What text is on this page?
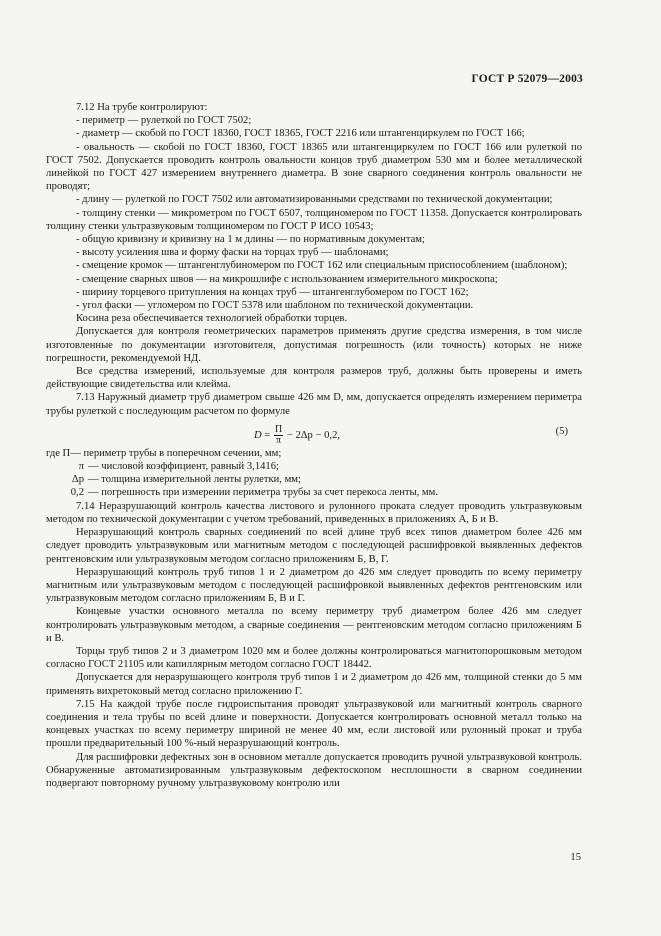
ГОСТ Р 52079—2003

7.12 На трубе контролируют:

- периметр — рулеткой по ГОСТ 7502;

- диаметр — скобой по ГОСТ 18360, ГОСТ 18365, ГОСТ 2216 или штангенциркулем по ГОСТ 166;

- овальность — скобой по ГОСТ 18360, ГОСТ 18365 или штангенциркулем по ГОСТ 166 или рулеткой по ГОСТ 7502. Допускается проводить контроль овальности концов труб диаметром 530 мм и более металлической линейкой по ГОСТ 427 измерением внутреннего диаметра. В зоне сварного соединения контроль овальности не проводят;

- длину — рулеткой по ГОСТ 7502 или автоматизированными средствами по технической документации;

- толщину стенки — микрометром по ГОСТ 6507, толщиномером по ГОСТ 11358. Допускается контролировать толщину стенки ультразвуковым толщиномером по ГОСТ Р ИСО 10543;

- общую кривизну и кривизну на 1 м длины — по нормативным документам;

- высоту усиления шва и форму фаски на торцах труб — шаблонами;

- смещение кромок — штангенглубиномером по ГОСТ 162 или специальным приспособлением (шаблоном);

- смещение сварных швов — на микрошлифе с использованием измерительного микроскопа;

- ширину торцевого притупления на концах труб — штангенглубомером по ГОСТ 162;

- угол фаски — угломером по ГОСТ 5378 или шаблоном по технической документации.

Косина реза обеспечивается технологией обработки торцев.

Допускается для контроля геометрических параметров применять другие средства измерения, в том числе изготовленные по документации изготовителя, допустимая погрешность (или точность) которых не ниже погрешности, рекомендуемой НД.

Все средства измерений, используемые для контроля размеров труб, должны быть проверены и иметь действующие свидетельства или клейма.

7.13 Наружный диаметр труб диаметром свыше 426 мм D, мм, допускается определять измерением периметра трубы рулеткой с последующим расчетом по формуле

$D = \frac{П}{\pi} - 2\Delta р - 0,2$,	(5)
где П — периметр трубы в поперечном сечении, мм;
π — числовой коэффициент, равный 3,1416;
Δр — толщина измерительной ленты рулетки, мм;
0,2 — погрешность при измерении периметра трубы за счет перекоса ленты, мм.

7.14 Неразрушающий контроль качества листового и рулонного проката следует проводить ультразвуковым методом по технической документации с учетом требований, приведенных в приложениях А, Б и В.

Неразрушающий контроль сварных соединений по всей длине труб всех типов диаметром более 426 мм следует проводить ультразвуковым или магнитным методом с последующей расшифровкой выявленных дефектов рентгеновским или ультразвуковым методом согласно приложениям Б, В, Г.

Неразрушающий контроль труб типов 1 и 2 диаметром до 426 мм следует проводить по всему периметру магнитным или ультразвуковым методом с последующей расшифровкой выявленных дефектов рентгеновским или ультразвуковым методом согласно приложениям Б, В и Г.

Концевые участки основного металла по всему периметру труб диаметром более 426 мм следует контролировать ультразвуковым методом, а сварные соединения — рентгеновским методом согласно приложениям Б и В.

Торцы труб типов 2 и 3 диаметром 1020 мм и более должны контролироваться магнитопорошковым методом согласно ГОСТ 21105 или капиллярным методом согласно ГОСТ 18442.

Допускается для неразрушающего контроля труб типов 1 и 2 диаметром до 426 мм, толщиной стенки до 5 мм применять вихретоковый метод согласно приложению Г.

7.15 На каждой трубе после гидроиспытания проводят ультразвуковой или магнитный контроль сварного соединения и тела трубы по всей длине и поверхности. Допускается контролировать основной металл только на концевых участках по всему периметру шириной не менее 40 мм, если листовой или рулонный прокат и труба прошли предварительный 100 %-ный неразрушающий контроль.

Для расшифровки дефектных зон в основном металле допускается проводить ручной ультразвуковой контроль. Обнаруженные автоматизированным ультразвуковым дефектоскопом несплошности в сварном соединении подвергают повторному ручному ультразвуковому контролю или

15
